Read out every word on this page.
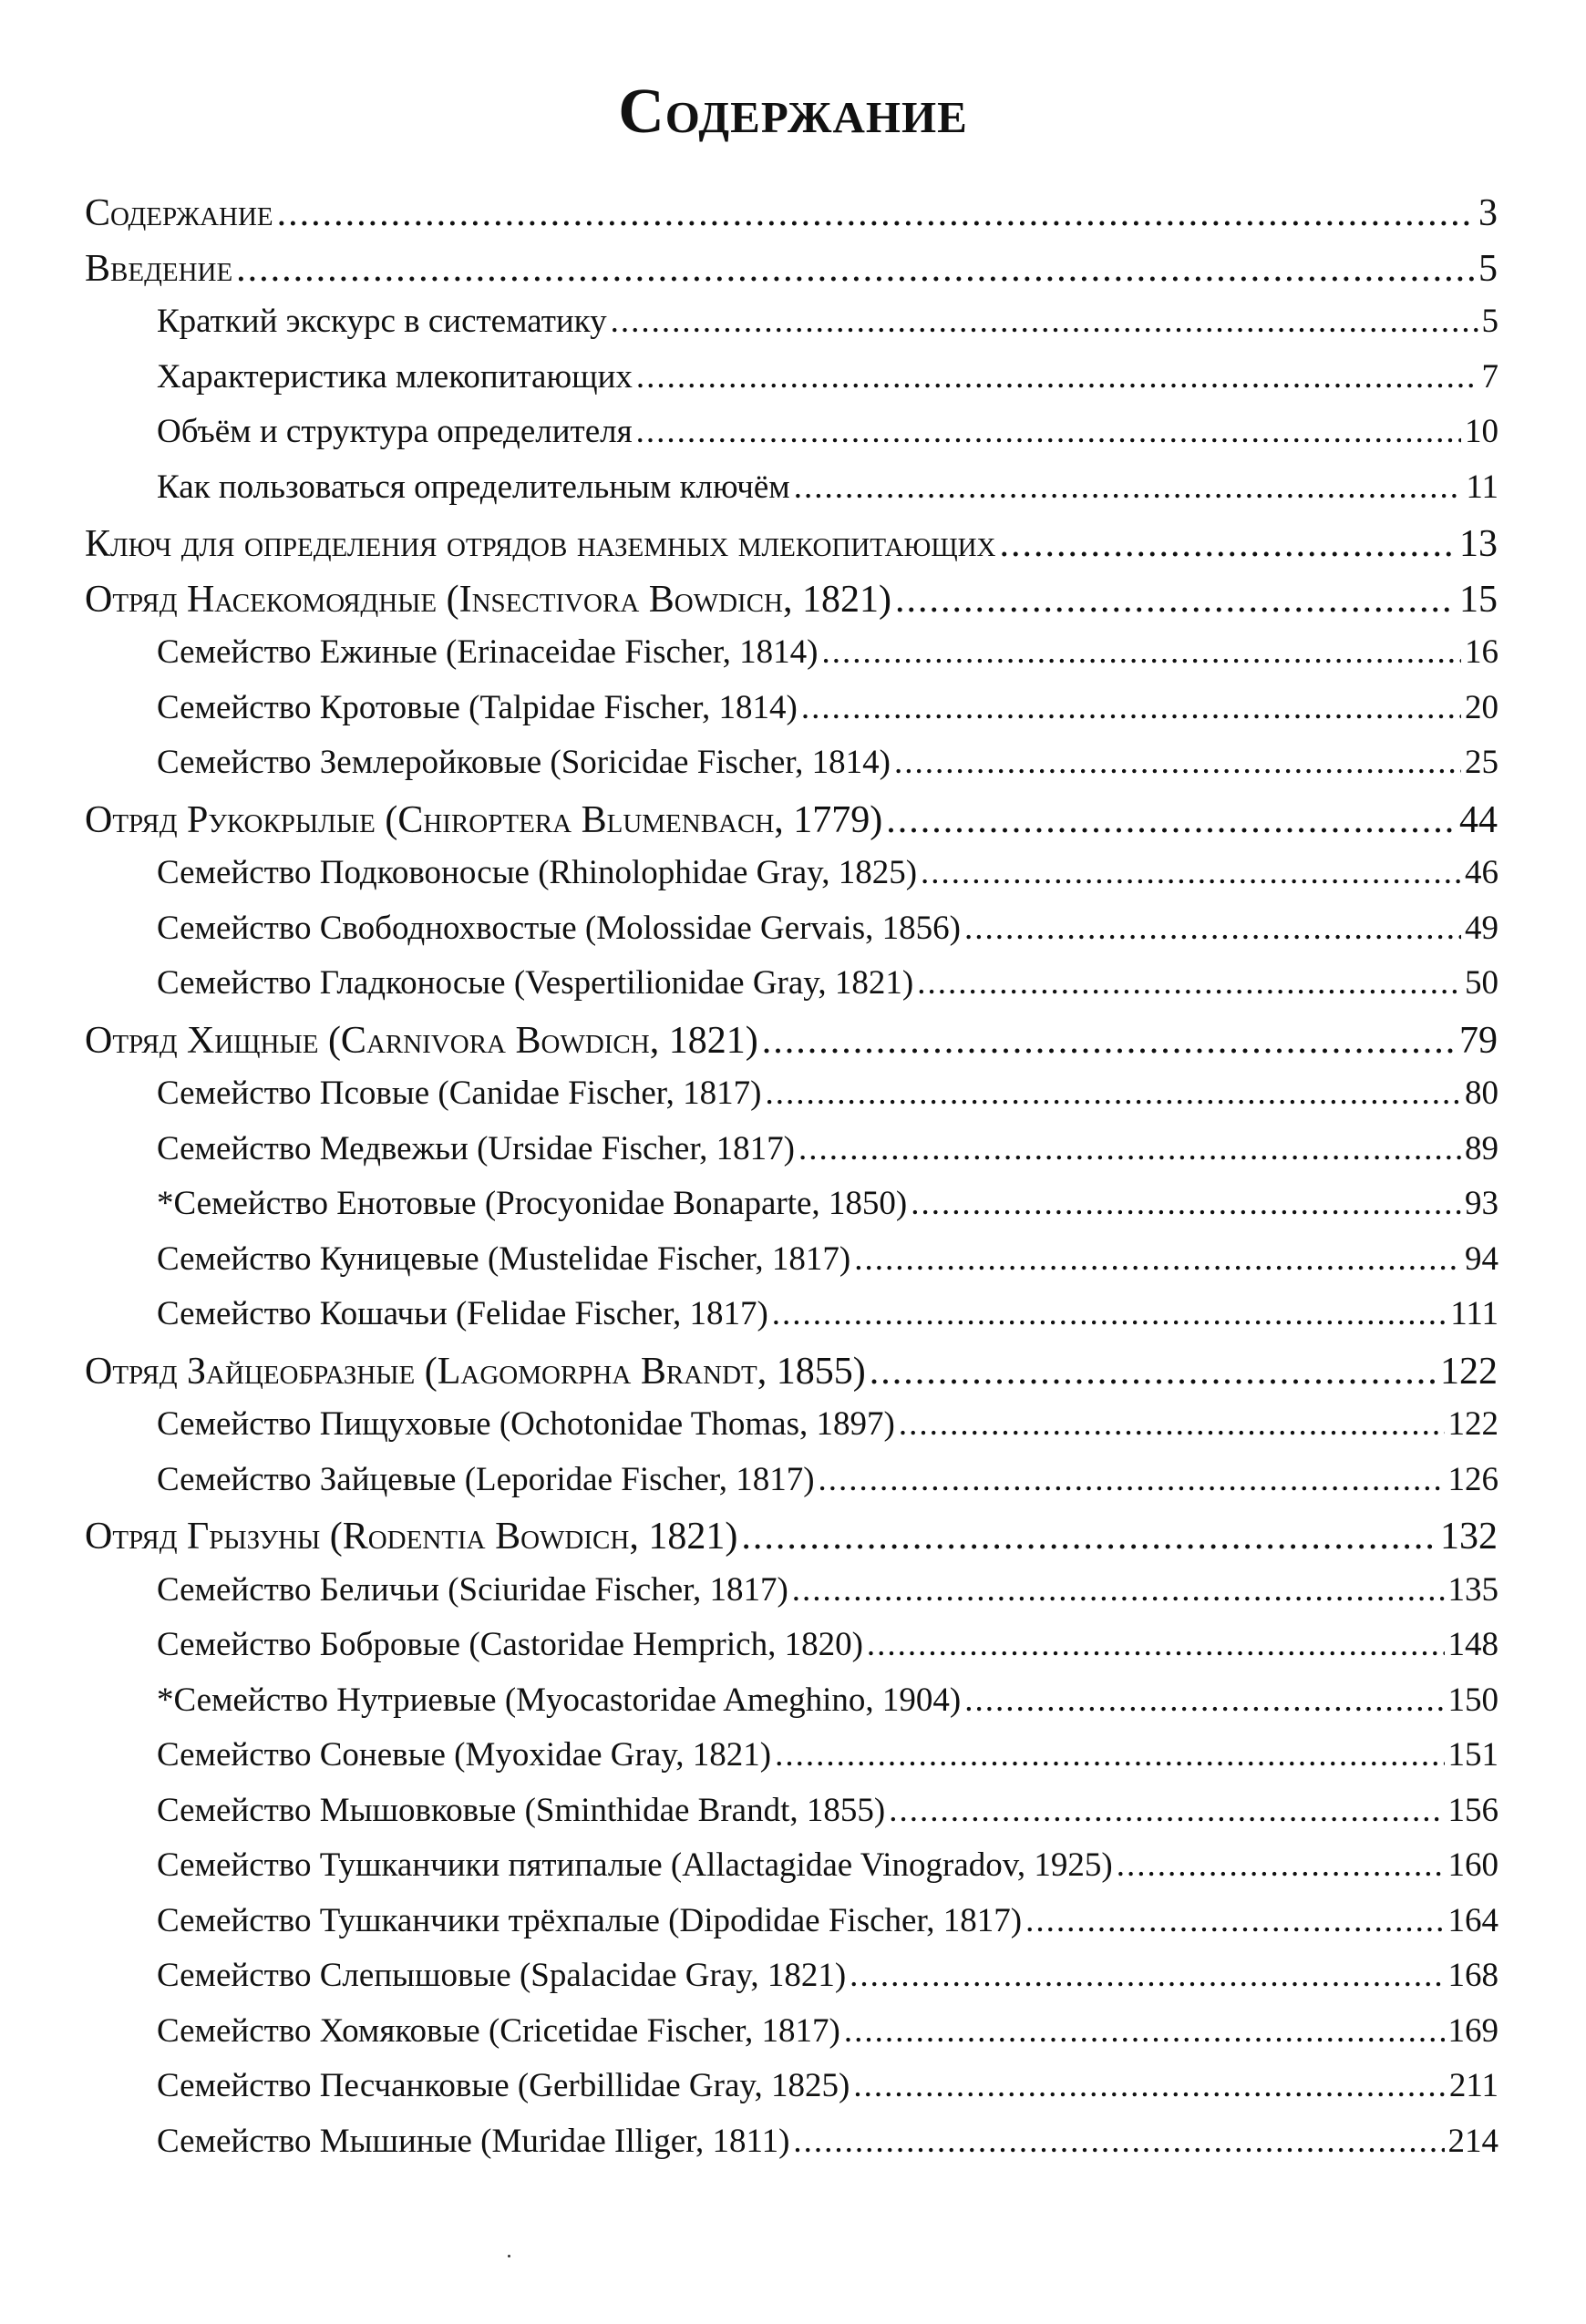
Содержание
Содержание .....	3
Введение .....	5
Краткий экскурс в систематику .....	5
Характеристика млекопитающих .....	7
Объём и структура определителя .....	10
Как пользоваться определительным ключём .....	11
Ключ для определения отрядов наземных млекопитающих .....	13
Отряд Насекомоядные (Insectivora Bowdich, 1821) .....	15
Семейство Ежиные (Erinaceidae Fischer, 1814) .....	16
Семейство Кротовые (Talpidae Fischer, 1814) .....	20
Семейство Землеройковые (Soricidae Fischer, 1814) .....	25
Отряд Рукокрылые (Chiroptera Blumenbach, 1779) .....	44
Семейство Подковоносые (Rhinolophidae Gray, 1825) .....	46
Семейство Свободнохвостые (Molossidae Gervais, 1856) .....	49
Семейство Гладконосые (Vespertilionidae Gray, 1821) .....	50
Отряд Хищные (Carnivora Bowdich, 1821) .....	79
Семейство Псовые (Canidae Fischer, 1817) .....	80
Семейство Медвежьи (Ursidae Fischer, 1817) .....	89
*Семейство Енотовые (Procyonidae Bonaparte, 1850) .....	93
Семейство Куницевые (Mustelidae Fischer, 1817) .....	94
Семейство Кошачьи (Felidae Fischer, 1817) .....	111
Отряд Зайцеобразные (Lagomorpha Brandt, 1855) .....	122
Семейство Пищуховые (Ochotonidae Thomas, 1897) .....	122
Семейство Зайцевые (Leporidae Fischer, 1817) .....	126
Отряд Грызуны (Rodentia Bowdich, 1821) .....	132
Семейство Беличьи (Sciuridae Fischer, 1817) .....	135
Семейство Бобровые (Castoridae Hemprich, 1820) .....	148
*Семейство Нутриевые (Myocastoridae Ameghino, 1904) .....	150
Семейство Соневые (Myoxidae Gray, 1821) .....	151
Семейство Мышовковые (Sminthidae Brandt, 1855) .....	156
Семейство Тушканчики пятипалые (Allactagidae Vinogradov, 1925) .....	160
Семейство Тушканчики трёхпалые (Dipodidae Fischer, 1817) .....	164
Семейство Слепышовые (Spalacidae Gray, 1821) .....	168
Семейство Хомяковые (Cricetidae Fischer, 1817) .....	169
Семейство Песчанковые (Gerbillidae Gray, 1825) .....	211
Семейство Мышиные (Muridae Illiger, 1811) .....	214
